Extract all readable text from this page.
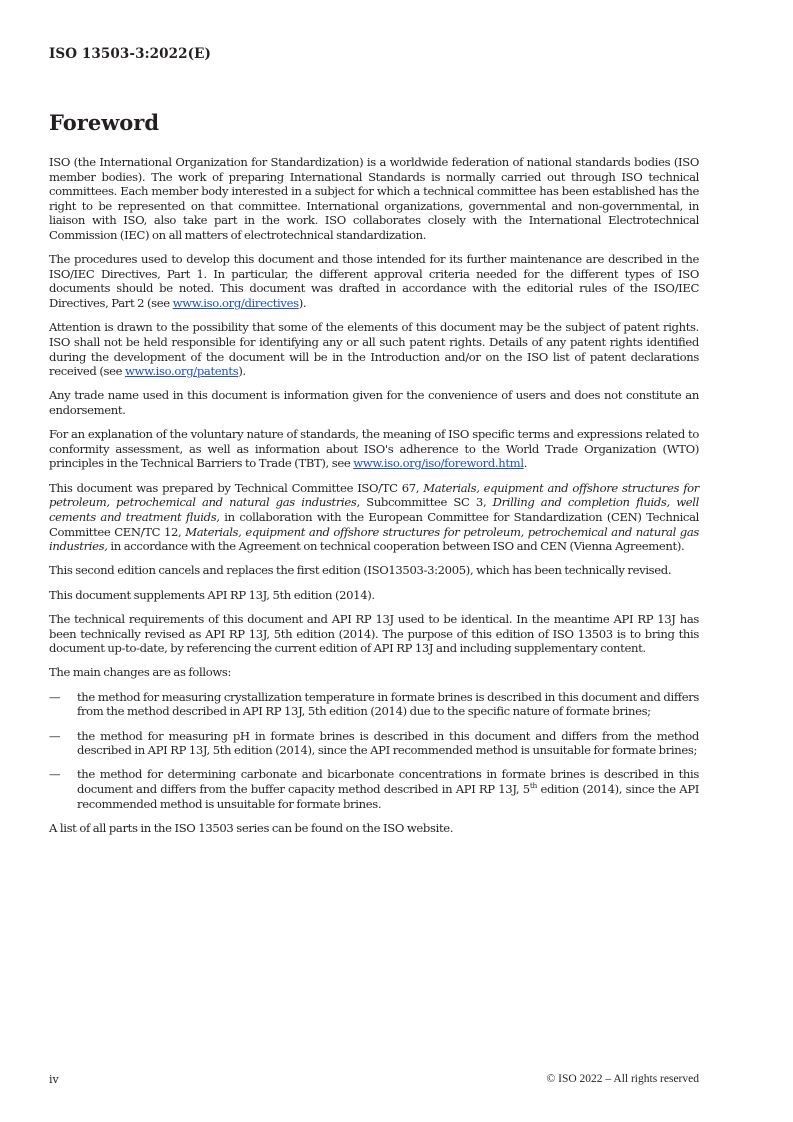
ISO 13503-3:2022(E)
Foreword

ISO (the International Organization for Standardization) is a worldwide federation of national standards bodies (ISO member bodies). The work of preparing International Standards is normally carried out through ISO technical committees. Each member body interested in a subject for which a technical committee has been established has the right to be represented on that committee. International organizations, governmental and non-governmental, in liaison with ISO, also take part in the work. ISO collaborates closely with the International Electrotechnical Commission (IEC) on all matters of electrotechnical standardization.

The procedures used to develop this document and those intended for its further maintenance are described in the ISO/IEC Directives, Part 1. In particular, the different approval criteria needed for the different types of ISO documents should be noted. This document was drafted in accordance with the editorial rules of the ISO/IEC Directives, Part 2 (see www.iso.org/directives).

Attention is drawn to the possibility that some of the elements of this document may be the subject of patent rights. ISO shall not be held responsible for identifying any or all such patent rights. Details of any patent rights identified during the development of the document will be in the Introduction and/or on the ISO list of patent declarations received (see www.iso.org/patents).

Any trade name used in this document is information given for the convenience of users and does not constitute an endorsement.

For an explanation of the voluntary nature of standards, the meaning of ISO specific terms and expressions related to conformity assessment, as well as information about ISO's adherence to the World Trade Organization (WTO) principles in the Technical Barriers to Trade (TBT), see www.iso.org/iso/foreword.html.

This document was prepared by Technical Committee ISO/TC 67, Materials, equipment and offshore structures for petroleum, petrochemical and natural gas industries, Subcommittee SC 3, Drilling and completion fluids, well cements and treatment fluids, in collaboration with the European Committee for Standardization (CEN) Technical Committee CEN/TC 12, Materials, equipment and offshore structures for petroleum, petrochemical and natural gas industries, in accordance with the Agreement on technical cooperation between ISO and CEN (Vienna Agreement).

This second edition cancels and replaces the first edition (ISO13503-3:2005), which has been technically revised.

This document supplements API RP 13J, 5th edition (2014).

The technical requirements of this document and API RP 13J used to be identical. In the meantime API RP 13J has been technically revised as API RP 13J, 5th edition (2014). The purpose of this edition of ISO 13503 is to bring this document up-to-date, by referencing the current edition of API RP 13J and including supplementary content.

The main changes are as follows:

— the method for measuring crystallization temperature in formate brines is described in this document and differs from the method described in API RP 13J, 5th edition (2014) due to the specific nature of formate brines;
— the method for measuring pH in formate brines is described in this document and differs from the method described in API RP 13J, 5th edition (2014), since the API recommended method is unsuitable for formate brines;
— the method for determining carbonate and bicarbonate concentrations in formate brines is described in this document and differs from the buffer capacity method described in API RP 13J, 5th edition (2014), since the API recommended method is unsuitable for formate brines.

A list of all parts in the ISO 13503 series can be found on the ISO website.

iv	© ISO 2022 – All rights reserved
